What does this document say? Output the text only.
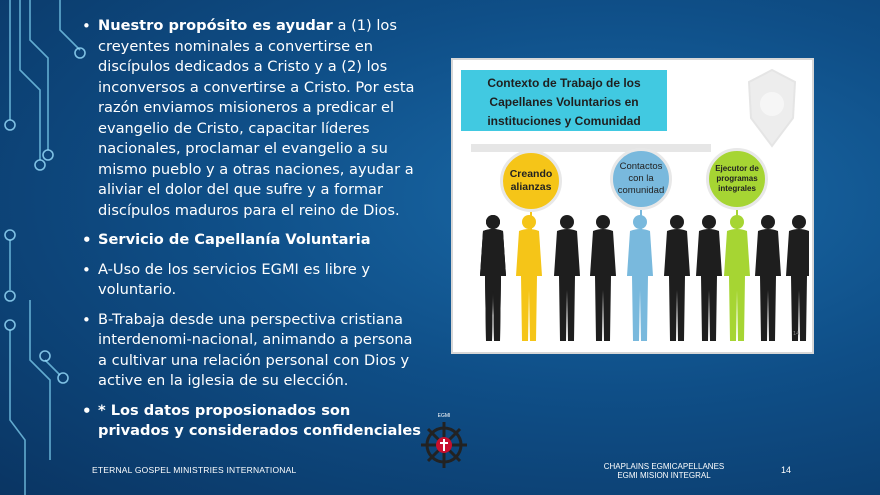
• Nuestro propósito es ayudar a (1) los creyentes nominales a convertirse en discípulos dedicados a Cristo y a (2) los inconversos a convertirse a Cristo. Por esta razón enviamos misioneros a predicar el evangelio de Cristo, capacitar líderes nacionales, proclamar el evangelio a su mismo pueblo y a otras naciones, ayudar a aliviar el dolor del que sufre y a formar discípulos maduros para el reino de Dios.
• Servicio de Capellanía Voluntaria
• A-Uso de los servicios EGMI es libre y voluntario.
• B-Trabaja desde una perspectiva cristiana interdenomi-nacional, animando a persona a cultivar una relación personal con Dios y active en la iglesia de su elección.
• * Los datos proposionados son privados y considerados confidenciales
Contexto de Trabajo de los Capellanes Voluntarios en instituciones y Comunidad
Creando alianzas
Contactos con la comunidad
Ejecutor de programas integrales
14
EGMI
ETERNAL GOSPEL MINISTRIES INTERNATIONAL	CHAPLAINS EGMICAPELLANES EGMI MISION INTEGRAL
14
